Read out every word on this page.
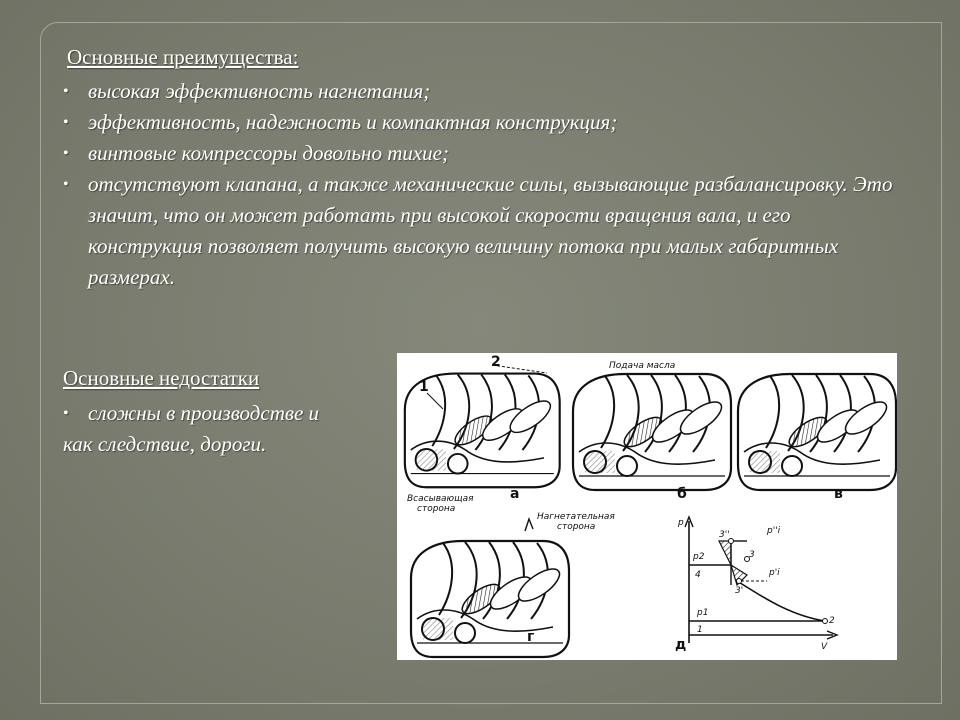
Основные преимущества:
• высокая эффективность нагнетания;
• эффективность, надежность и компактная конструкция;
• винтовые компрессоры довольно тихие;
• отсутствуют клапана, а также механические силы, вызывающие разбалансировку. Это значит, что он может работать при высокой скорости вращения вала, и его конструкция позволяет получить высокую величину потока при малых габаритных размерах.
Основные недостатки
• сложны в производстве и
как следствие, дороги.
2
1
Подача масла
Всасывающая
сторона
Нагнетательная
сторона
а	б	в
г
p
V
p2
p1
p''i
p'i
3''
3
3'
4
1
2
д
